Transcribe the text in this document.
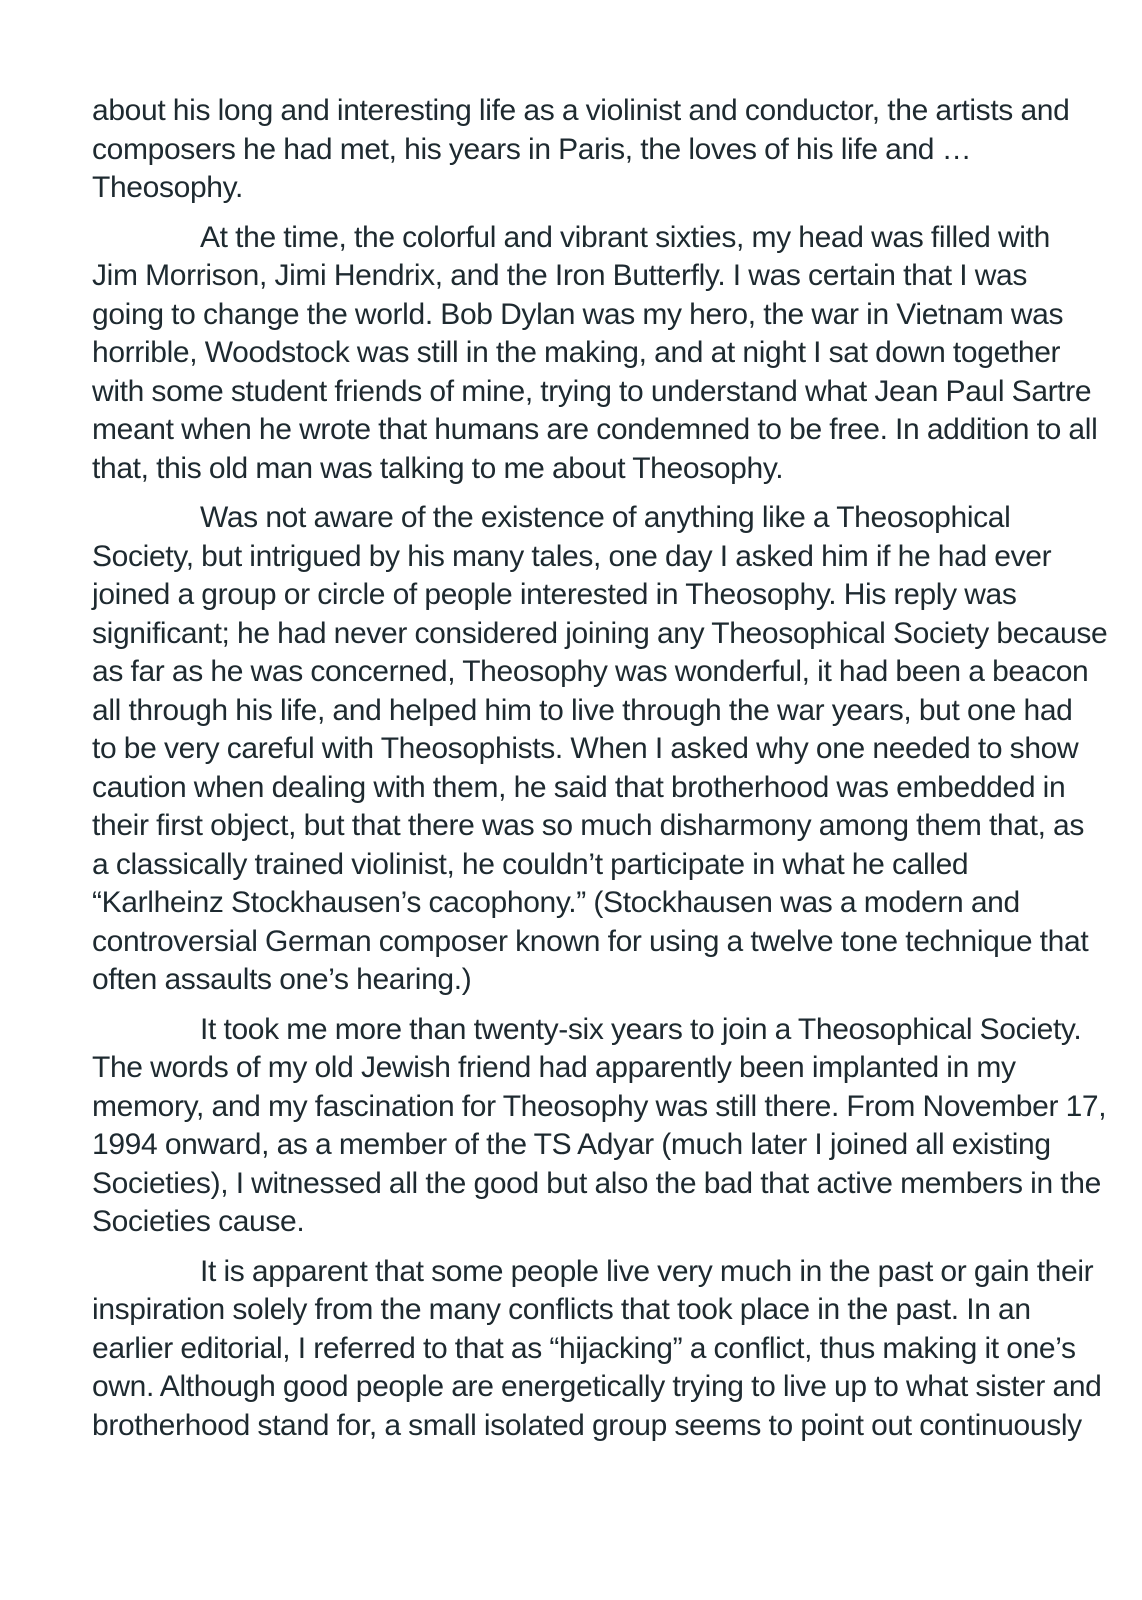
about his long and interesting life as a violinist and conductor, the artists and
composers he had met, his years in Paris, the loves of his life and …
Theosophy.

At the time, the colorful and vibrant sixties, my head was filled with
Jim Morrison, Jimi Hendrix, and the Iron Butterfly. I was certain that I was
going to change the world. Bob Dylan was my hero, the war in Vietnam was
horrible, Woodstock was still in the making, and at night I sat down together
with some student friends of mine, trying to understand what Jean Paul Sartre
meant when he wrote that humans are condemned to be free. In addition to all
that, this old man was talking to me about Theosophy.

Was not aware of the existence of anything like a Theosophical
Society, but intrigued by his many tales, one day I asked him if he had ever
joined a group or circle of people interested in Theosophy. His reply was
significant; he had never considered joining any Theosophical Society because
as far as he was concerned, Theosophy was wonderful, it had been a beacon
all through his life, and helped him to live through the war years, but one had
to be very careful with Theosophists. When I asked why one needed to show
caution when dealing with them, he said that brotherhood was embedded in
their first object, but that there was so much disharmony among them that, as
a classically trained violinist, he couldn’t participate in what he called
“Karlheinz Stockhausen’s cacophony.” (Stockhausen was a modern and
controversial German composer known for using a twelve tone technique that
often assaults one’s hearing.)

It took me more than twenty-six years to join a Theosophical Society.
The words of my old Jewish friend had apparently been implanted in my
memory, and my fascination for Theosophy was still there. From November 17,
1994 onward, as a member of the TS Adyar (much later I joined all existing
Societies), I witnessed all the good but also the bad that active members in the
Societies cause.

It is apparent that some people live very much in the past or gain their
inspiration solely from the many conflicts that took place in the past. In an
earlier editorial, I referred to that as “hijacking” a conflict, thus making it one’s
own. Although good people are energetically trying to live up to what sister and
brotherhood stand for, a small isolated group seems to point out continuously
